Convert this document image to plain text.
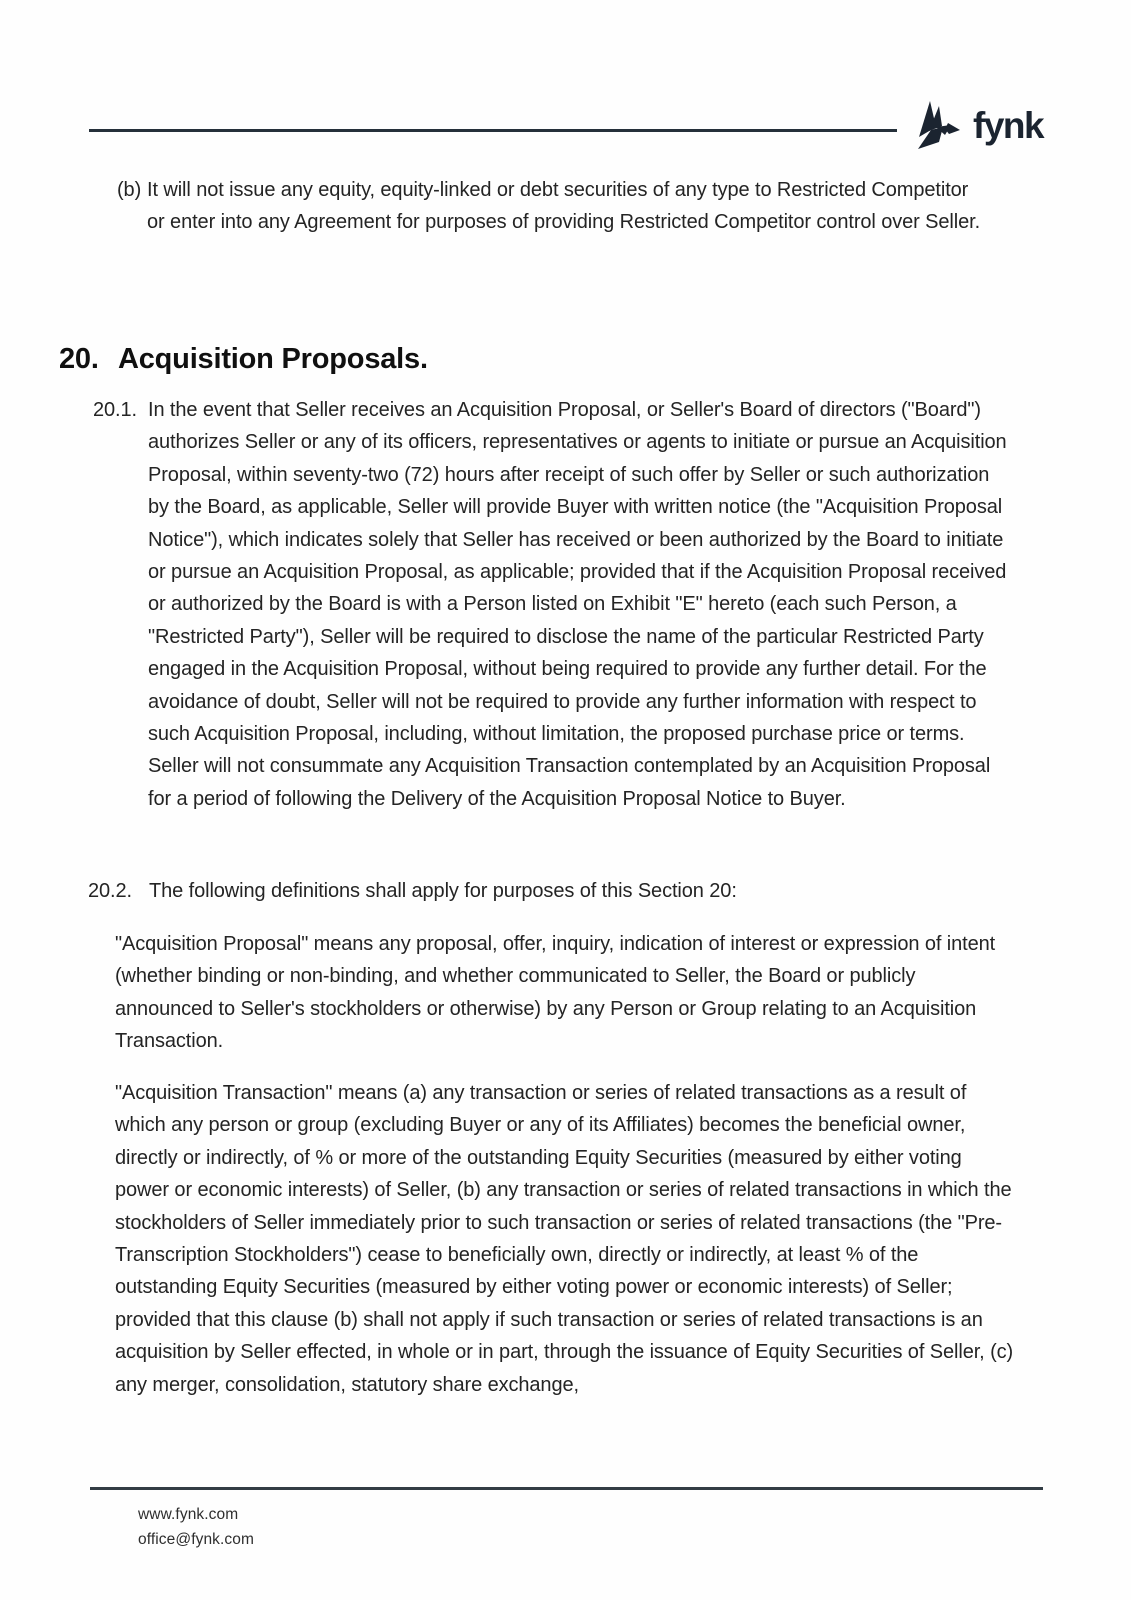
fynk
(b) It will not issue any equity, equity-linked or debt securities of any type to Restricted Competitor or enter into any Agreement for purposes of providing Restricted Competitor control over Seller.
20. Acquisition Proposals.
20.1. In the event that Seller receives an Acquisition Proposal, or Seller's Board of directors ("Board") authorizes Seller or any of its officers, representatives or agents to initiate or pursue an Acquisition Proposal, within seventy-two (72) hours after receipt of such offer by Seller or such authorization by the Board, as applicable, Seller will provide Buyer with written notice (the "Acquisition Proposal Notice"), which indicates solely that Seller has received or been authorized by the Board to initiate or pursue an Acquisition Proposal, as applicable; provided that if the Acquisition Proposal received or authorized by the Board is with a Person listed on Exhibit "E" hereto (each such Person, a "Restricted Party"), Seller will be required to disclose the name of the particular Restricted Party engaged in the Acquisition Proposal, without being required to provide any further detail. For the avoidance of doubt, Seller will not be required to provide any further information with respect to such Acquisition Proposal, including, without limitation, the proposed purchase price or terms. Seller will not consummate any Acquisition Transaction contemplated by an Acquisition Proposal for a period of following the Delivery of the Acquisition Proposal Notice to Buyer.
20.2. The following definitions shall apply for purposes of this Section 20:
"Acquisition Proposal" means any proposal, offer, inquiry, indication of interest or expression of intent (whether binding or non-binding, and whether communicated to Seller, the Board or publicly announced to Seller's stockholders or otherwise) by any Person or Group relating to an Acquisition Transaction.
"Acquisition Transaction" means (a) any transaction or series of related transactions as a result of which any person or group (excluding Buyer or any of its Affiliates) becomes the beneficial owner, directly or indirectly, of % or more of the outstanding Equity Securities (measured by either voting power or economic interests) of Seller, (b) any transaction or series of related transactions in which the stockholders of Seller immediately prior to such transaction or series of related transactions (the "Pre-Transcription Stockholders") cease to beneficially own, directly or indirectly, at least % of the outstanding Equity Securities (measured by either voting power or economic interests) of Seller; provided that this clause (b) shall not apply if such transaction or series of related transactions is an acquisition by Seller effected, in whole or in part, through the issuance of Equity Securities of Seller, (c) any merger, consolidation, statutory share exchange,
www.fynk.com
office@fynk.com
